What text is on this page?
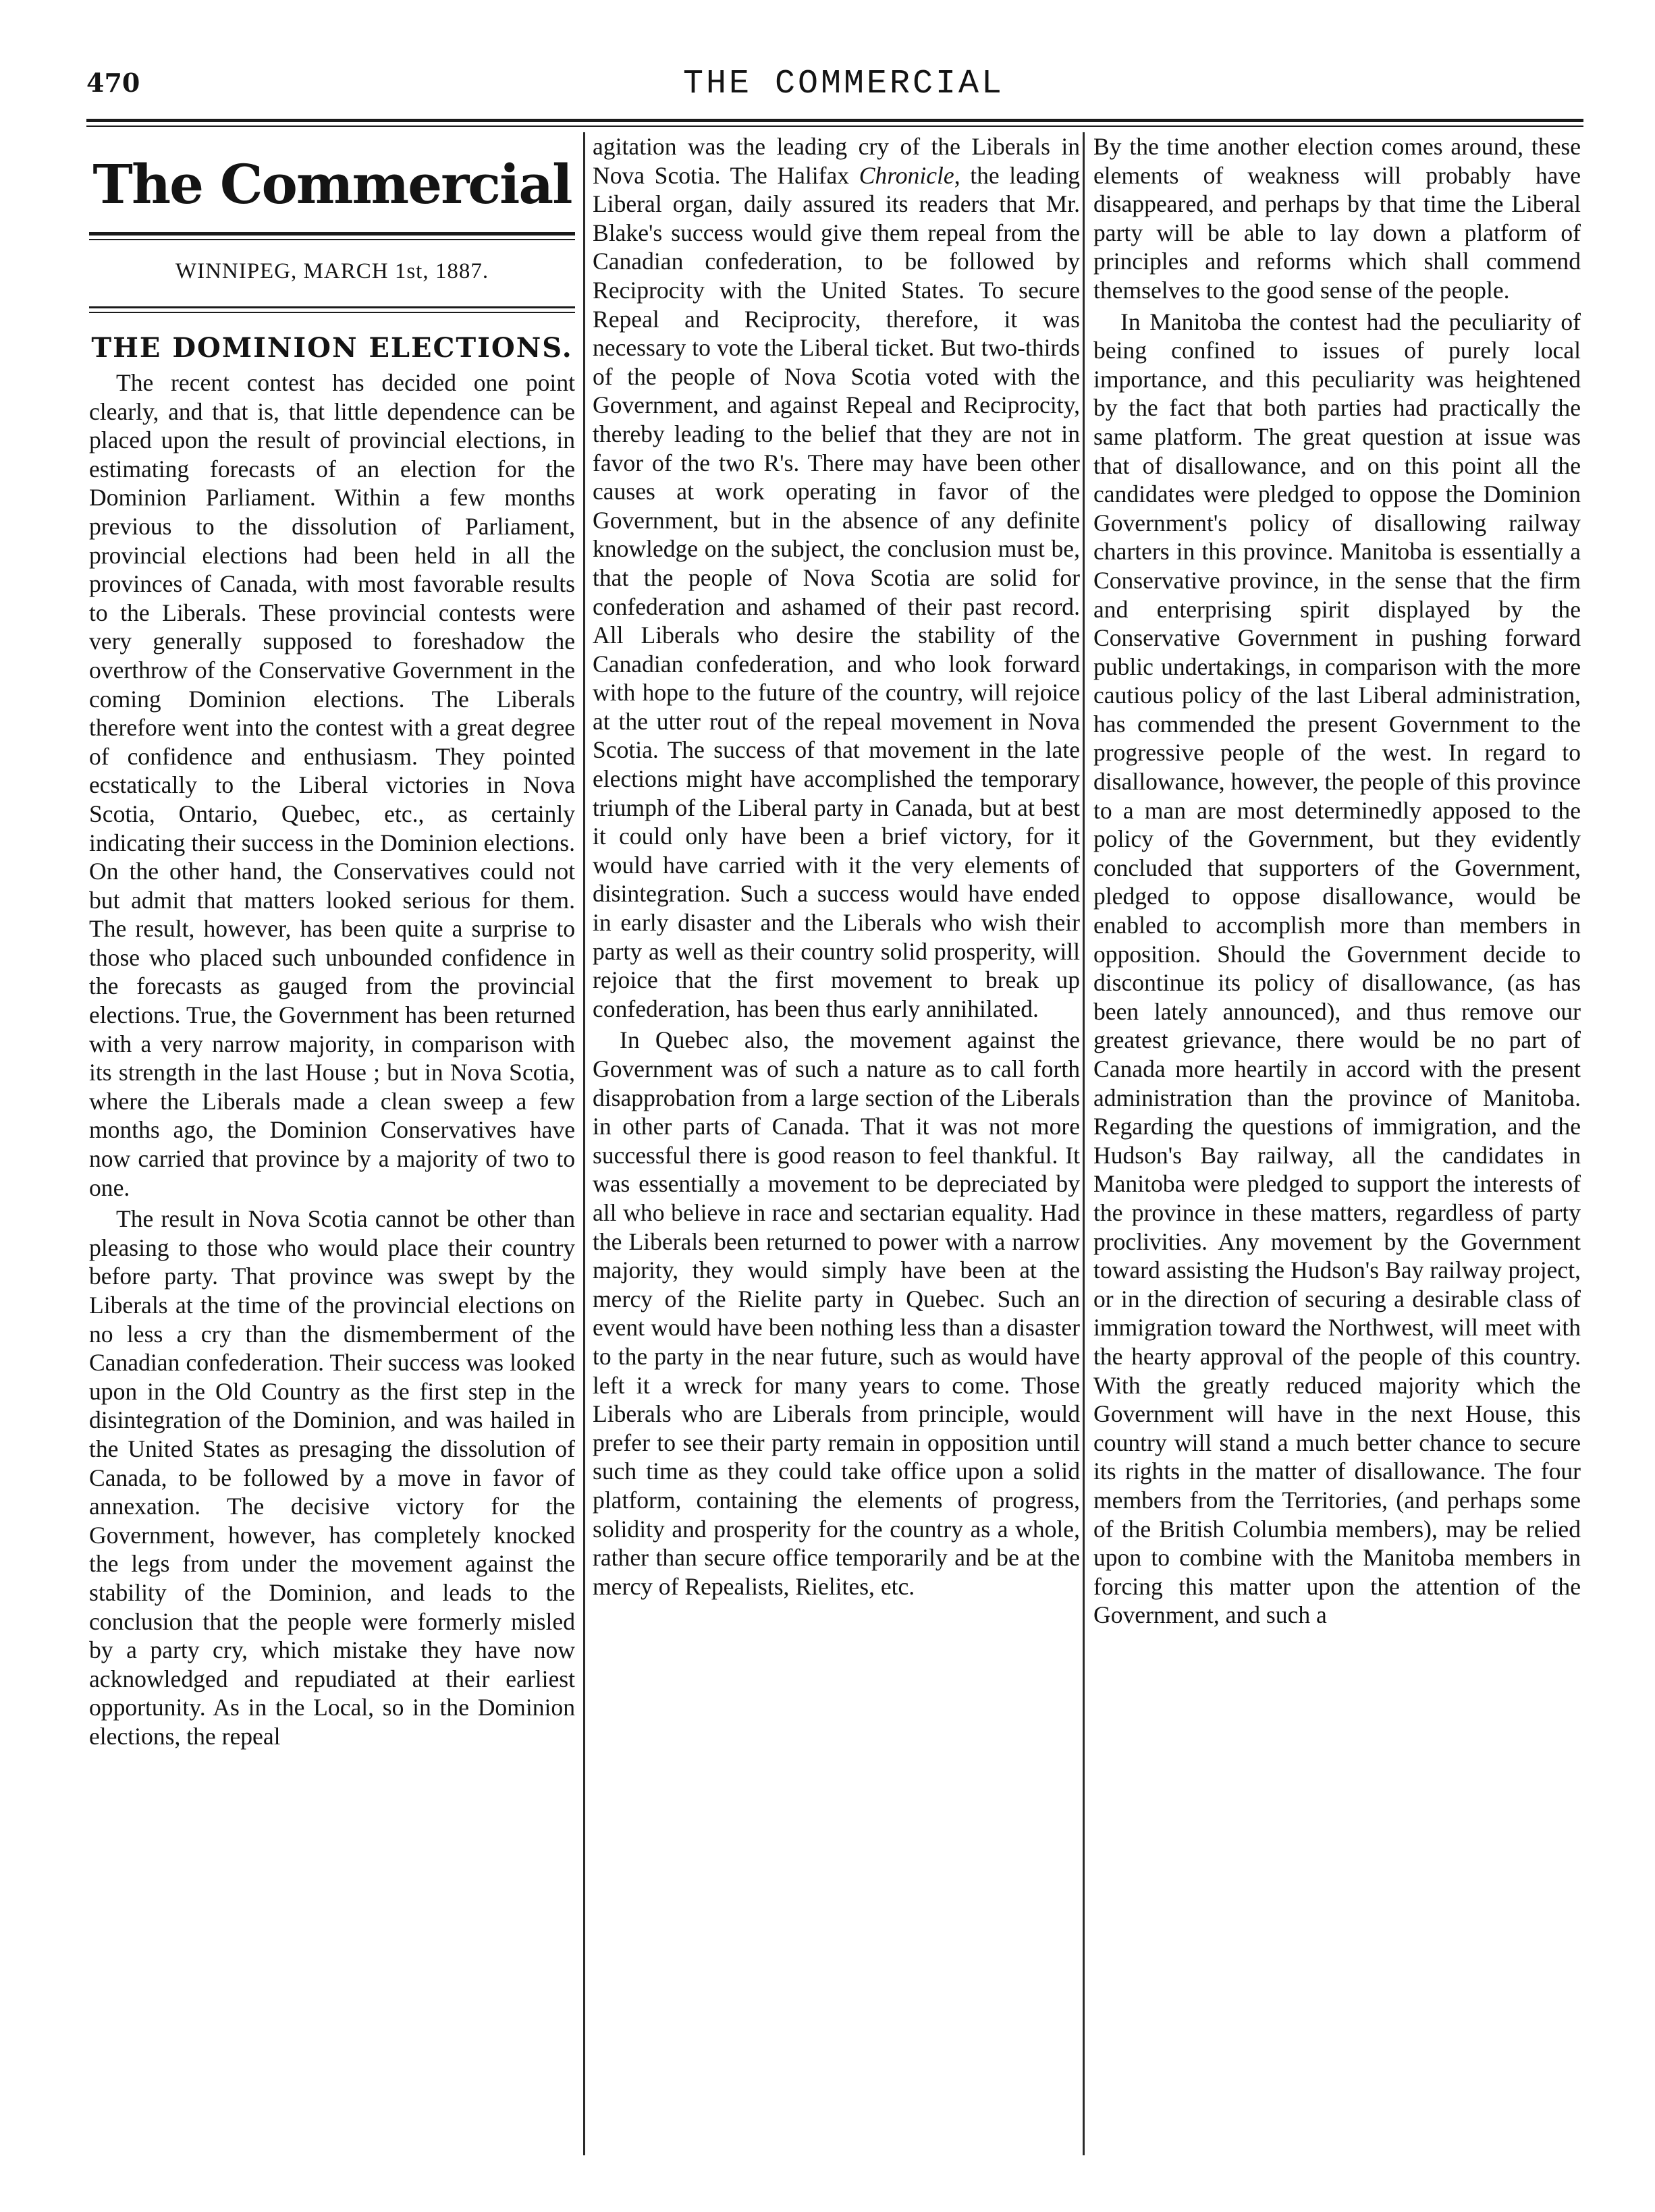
470	THE COMMERCIAL
The Commercial
WINNIPEG, MARCH 1st, 1887.
THE DOMINION ELECTIONS.

The recent contest has decided one point clearly, and that is, that little dependence can be placed upon the result of provincial elections, in estimating forecasts of an election for the Dominion Parliament. Within a few months previous to the dissolution of Parliament, provincial elections had been held in all the provinces of Canada, with most favorable results to the Liberals. These provincial contests were very generally supposed to foreshadow the overthrow of the Conservative Government in the coming Dominion elections. The Liberals therefore went into the contest with a great degree of confidence and enthusiasm. They pointed ecstatically to the Liberal victories in Nova Scotia, Ontario, Quebec, etc., as certainly indicating their success in the Dominion elections. On the other hand, the Conservatives could not but admit that matters looked serious for them. The result, however, has been quite a surprise to those who placed such unbounded confidence in the forecasts as gauged from the provincial elections. True, the Government has been returned with a very narrow majority, in comparison with its strength in the last House ; but in Nova Scotia, where the Liberals made a clean sweep a few months ago, the Dominion Conservatives have now carried that province by a majority of two to one.

The result in Nova Scotia cannot be other than pleasing to those who would place their country before party. That province was swept by the Liberals at the time of the provincial elections on no less a cry than the dismemberment of the Canadian confederation. Their success was looked upon in the Old Country as the first step in the disintegration of the Dominion, and was hailed in the United States as presaging the dissolution of Canada, to be followed by a move in favor of annexation. The decisive victory for the Government, however, has completely knocked the legs from under the movement against the stability of the Dominion, and leads to the conclusion that the people were formerly misled by a party cry, which mistake they have now acknowledged and repudiated at their earliest opportunity. As in the Local, so in the Dominion elections, the repeal

agitation was the leading cry of the Liberals in Nova Scotia. The Halifax Chronicle, the leading Liberal organ, daily assured its readers that Mr. Blake's success would give them repeal from the Canadian confederation, to be followed by Reciprocity with the United States. To secure Repeal and Reciprocity, therefore, it was necessary to vote the Liberal ticket. But two-thirds of the people of Nova Scotia voted with the Government, and against Repeal and Reciprocity, thereby leading to the belief that they are not in favor of the two R's. There may have been other causes at work operating in favor of the Government, but in the absence of any definite knowledge on the subject, the conclusion must be, that the people of Nova Scotia are solid for confederation and ashamed of their past record. All Liberals who desire the stability of the Canadian confederation, and who look forward with hope to the future of the country, will rejoice at the utter rout of the repeal movement in Nova Scotia. The success of that movement in the late elections might have accomplished the temporary triumph of the Liberal party in Canada, but at best it could only have been a brief victory, for it would have carried with it the very elements of disintegration. Such a success would have ended in early disaster and the Liberals who wish their party as well as their country solid prosperity, will rejoice that the first movement to break up confederation, has been thus early annihilated.

In Quebec also, the movement against the Government was of such a nature as to call forth disapprobation from a large section of the Liberals in other parts of Canada. That it was not more successful there is good reason to feel thankful. It was essentially a movement to be depreciated by all who believe in race and sectarian equality. Had the Liberals been returned to power with a narrow majority, they would simply have been at the mercy of the Rielite party in Quebec. Such an event would have been nothing less than a disaster to the party in the near future, such as would have left it a wreck for many years to come. Those Liberals who are Liberals from principle, would prefer to see their party remain in opposition until such time as they could take office upon a solid platform, containing the elements of progress, solidity and prosperity for the country as a whole, rather than secure office temporarily and be at the mercy of Repealists, Rielites, etc.

By the time another election comes around, these elements of weakness will probably have disappeared, and perhaps by that time the Liberal party will be able to lay down a platform of principles and reforms which shall commend themselves to the good sense of the people.

In Manitoba the contest had the peculiarity of being confined to issues of purely local importance, and this peculiarity was heightened by the fact that both parties had practically the same platform. The great question at issue was that of disallowance, and on this point all the candidates were pledged to oppose the Dominion Government's policy of disallowing railway charters in this province. Manitoba is essentially a Conservative province, in the sense that the firm and enterprising spirit displayed by the Conservative Government in pushing forward public undertakings, in comparison with the more cautious policy of the last Liberal administration, has commended the present Government to the progressive people of the west. In regard to disallowance, however, the people of this province to a man are most determinedly apposed to the policy of the Government, but they evidently concluded that supporters of the Government, pledged to oppose disallowance, would be enabled to accomplish more than members in opposition. Should the Government decide to discontinue its policy of disallowance, (as has been lately announced), and thus remove our greatest grievance, there would be no part of Canada more heartily in accord with the present administration than the province of Manitoba. Regarding the questions of immigration, and the Hudson's Bay railway, all the candidates in Manitoba were pledged to support the interests of the province in these matters, regardless of party proclivities. Any movement by the Government toward assisting the Hudson's Bay railway project, or in the direction of securing a desirable class of immigration toward the Northwest, will meet with the hearty approval of the people of this country. With the greatly reduced majority which the Government will have in the next House, this country will stand a much better chance to secure its rights in the matter of disallowance. The four members from the Territories, (and perhaps some of the British Columbia members), may be relied upon to combine with the Manitoba members in forcing this matter upon the attention of the Government, and such a
